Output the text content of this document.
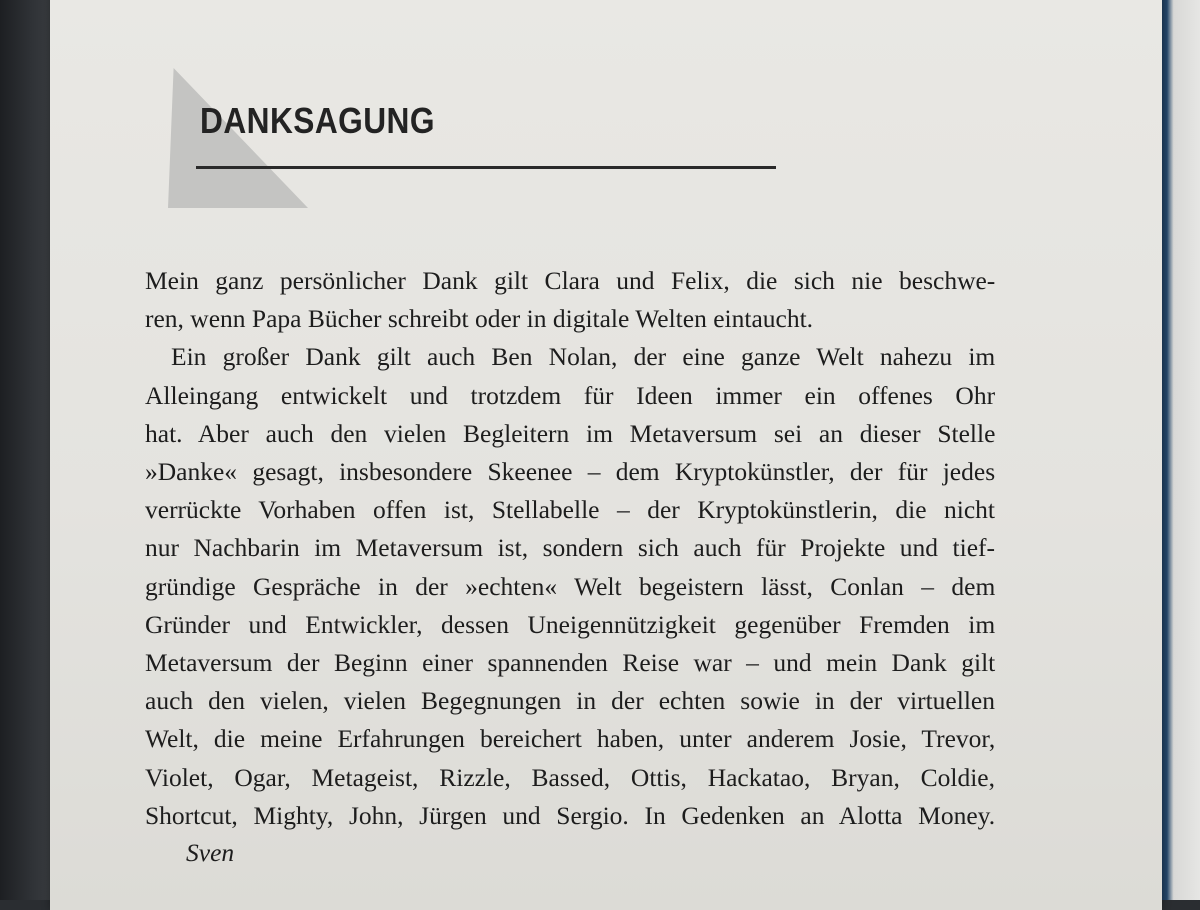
DANKSAGUNG
Mein ganz persönlicher Dank gilt Clara und Felix, die sich nie beschwe-
ren, wenn Papa Bücher schreibt oder in digitale Welten eintaucht.
Ein großer Dank gilt auch Ben Nolan, der eine ganze Welt nahezu im
Alleingang entwickelt und trotzdem für Ideen immer ein offenes Ohr
hat. Aber auch den vielen Begleitern im Metaversum sei an dieser Stelle
»Danke« gesagt, insbesondere Skeenee – dem Kryptokünstler, der für jedes
verrückte Vorhaben offen ist, Stellabelle – der Kryptokünstlerin, die nicht
nur Nachbarin im Metaversum ist, sondern sich auch für Projekte und tief-
gründige Gespräche in der »echten« Welt begeistern lässt, Conlan – dem
Gründer und Entwickler, dessen Uneigennützigkeit gegenüber Fremden im
Metaversum der Beginn einer spannenden Reise war – und mein Dank gilt
auch den vielen, vielen Begegnungen in der echten sowie in der virtuellen
Welt, die meine Erfahrungen bereichert haben, unter anderem Josie, Trevor,
Violet, Ogar, Metageist, Rizzle, Bassed, Ottis, Hackatao, Bryan, Coldie,
Shortcut, Mighty, John, Jürgen und Sergio. In Gedenken an Alotta Money.
Sven
